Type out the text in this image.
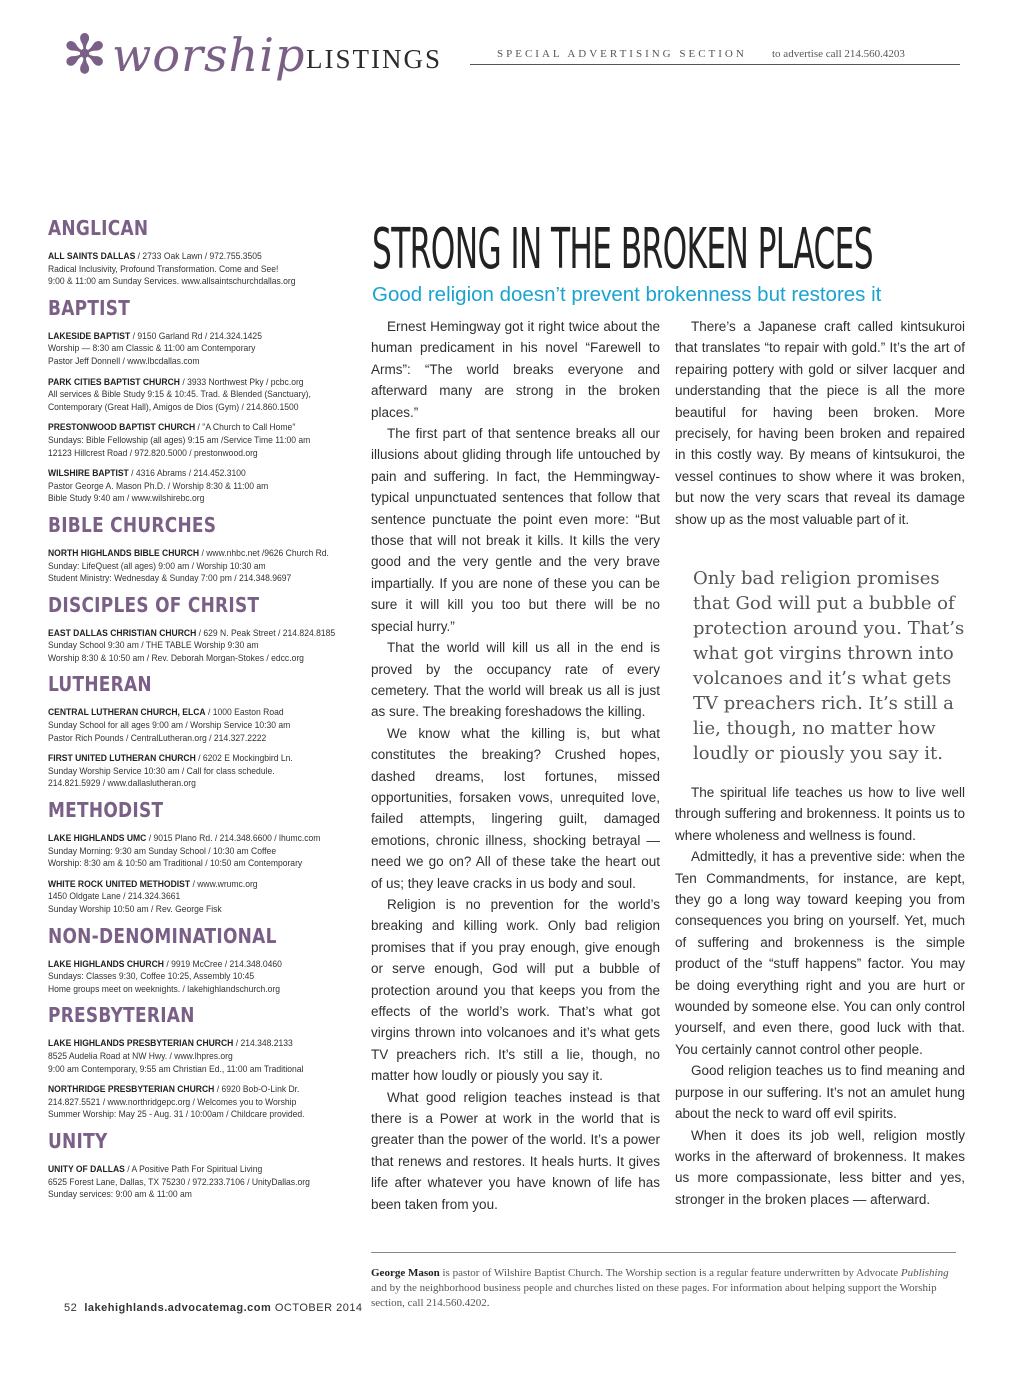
✻ worship LISTINGS	SPECIAL ADVERTISING SECTION to advertise call 214.560.4203
ANGLICAN
ALL SAINTS DALLAS / 2733 Oak Lawn / 972.755.3505
Radical Inclusivity, Profound Transformation. Come and See!
9:00 & 11:00 am Sunday Services. www.allsaintschurchdallas.org
BAPTIST
LAKESIDE BAPTIST / 9150 Garland Rd / 214.324.1425
Worship — 8:30 am Classic & 11:00 am Contemporary
Pastor Jeff Donnell / www.lbcdallas.com
PARK CITIES BAPTIST CHURCH / 3933 Northwest Pky / pcbc.org
All services & Bible Study 9:15 & 10:45. Trad. & Blended (Sanctuary),
Contemporary (Great Hall), Amigos de Dios (Gym) / 214.860.1500
PRESTONWOOD BAPTIST CHURCH / "A Church to Call Home"
Sundays: Bible Fellowship (all ages) 9:15 am /Service Time 11:00 am
12123 Hillcrest Road / 972.820.5000 / prestonwood.org
WILSHIRE BAPTIST / 4316 Abrams / 214.452.3100
Pastor George A. Mason Ph.D. / Worship 8:30 & 11:00 am
Bible Study 9:40 am / www.wilshirebc.org
BIBLE CHURCHES
NORTH HIGHLANDS BIBLE CHURCH / www.nhbc.net /9626 Church Rd.
Sunday: LifeQuest (all ages) 9:00 am / Worship 10:30 am
Student Ministry: Wednesday & Sunday 7:00 pm / 214.348.9697
DISCIPLES OF CHRIST
EAST DALLAS CHRISTIAN CHURCH / 629 N. Peak Street / 214.824.8185
Sunday School 9:30 am / THE TABLE Worship 9:30 am
Worship 8:30 & 10:50 am / Rev. Deborah Morgan-Stokes / edcc.org
LUTHERAN
CENTRAL LUTHERAN CHURCH, ELCA / 1000 Easton Road
Sunday School for all ages 9:00 am / Worship Service 10:30 am
Pastor Rich Pounds / CentralLutheran.org / 214.327.2222
FIRST UNITED LUTHERAN CHURCH / 6202 E Mockingbird Ln.
Sunday Worship Service 10:30 am / Call for class schedule.
214.821.5929 / www.dallaslutheran.org
METHODIST
LAKE HIGHLANDS UMC / 9015 Plano Rd. / 214.348.6600 / lhumc.com
Sunday Morning: 9:30 am Sunday School / 10:30 am Coffee
Worship: 8:30 am & 10:50 am Traditional / 10:50 am Contemporary
WHITE ROCK UNITED METHODIST / www.wrumc.org
1450 Oldgate Lane / 214.324.3661
Sunday Worship 10:50 am / Rev. George Fisk
NON-DENOMINATIONAL
LAKE HIGHLANDS CHURCH / 9919 McCree / 214.348.0460
Sundays: Classes 9:30, Coffee 10:25, Assembly 10:45
Home groups meet on weeknights. / lakehighlandschurch.org
PRESBYTERIAN
LAKE HIGHLANDS PRESBYTERIAN CHURCH / 214.348.2133
8525 Audelia Road at NW Hwy. / www.lhpres.org
9:00 am Contemporary, 9:55 am Christian Ed., 11:00 am Traditional
NORTHRIDGE PRESBYTERIAN CHURCH / 6920 Bob-O-Link Dr.
214.827.5521 / www.northridgepc.org / Welcomes you to Worship
Summer Worship: May 25 - Aug. 31 / 10:00am / Childcare provided.
UNITY
UNITY OF DALLAS / A Positive Path For Spiritual Living
6525 Forest Lane, Dallas, TX 75230 / 972.233.7106 / UnityDallas.org
Sunday services: 9:00 am & 11:00 am
STRONG IN THE BROKEN PLACES
Good religion doesn’t prevent brokenness but restores it

Ernest Hemingway got it right twice about the human predicament in his novel “Farewell to Arms”: “The world breaks everyone and afterward many are strong in the broken places.”

The first part of that sentence breaks all our illusions about gliding through life untouched by pain and suffering. In fact, the Hemmingway-typical unpunctuated sentences that follow that sentence punctuate the point even more: “But those that will not break it kills. It kills the very good and the very gentle and the very brave impartially. If you are none of these you can be sure it will kill you too but there will be no special hurry.”

That the world will kill us all in the end is proved by the occupancy rate of every cemetery. That the world will break us all is just as sure. The breaking foreshadows the killing.

We know what the killing is, but what constitutes the breaking? Crushed hopes, dashed dreams, lost fortunes, missed opportunities, forsaken vows, unrequited love, failed attempts, lingering guilt, damaged emotions, chronic illness, shocking betrayal — need we go on? All of these take the heart out of us; they leave cracks in us body and soul.

Religion is no prevention for the world’s breaking and killing work. Only bad religion promises that if you pray enough, give enough or serve enough, God will put a bubble of protection around you that keeps you from the effects of the world’s work. That’s what got virgins thrown into volcanoes and it’s what gets TV preachers rich. It’s still a lie, though, no matter how loudly or piously you say it.

What good religion teaches instead is that there is a Power at work in the world that is greater than the power of the world. It’s a power that renews and restores. It heals hurts. It gives life after whatever you have known of life has been taken from you.

There’s a Japanese craft called kintsukuroi that translates “to repair with gold.” It’s the art of repairing pottery with gold or silver lacquer and understanding that the piece is all the more beautiful for having been broken. More precisely, for having been broken and repaired in this costly way. By means of kintsukuroi, the vessel continues to show where it was broken, but now the very scars that reveal its damage show up as the most valuable part of it.

Only bad religion promises that God will put a bubble of protection around you. That’s what got virgins thrown into volcanoes and it’s what gets TV preachers rich. It’s still a lie, though, no matter how loudly or piously you say it.

The spiritual life teaches us how to live well through suffering and brokenness. It points us to where wholeness and wellness is found.

Admittedly, it has a preventive side: when the Ten Commandments, for instance, are kept, they go a long way toward keeping you from consequences you bring on yourself. Yet, much of suffering and brokenness is the simple product of the “stuff happens” factor. You may be doing everything right and you are hurt or wounded by someone else. You can only control yourself, and even there, good luck with that. You certainly cannot control other people.

Good religion teaches us to find meaning and purpose in our suffering. It’s not an amulet hung about the neck to ward off evil spirits.

When it does its job well, religion mostly works in the afterward of brokenness. It makes us more compassionate, less bitter and yes, stronger in the broken places — afterward.

George Mason is pastor of Wilshire Baptist Church. The Worship section is a regular feature underwritten by Advocate Publishing and by the neighborhood business people and churches listed on these pages. For information about helping support the Worship section, call 214.560.4202.
52 lakehighlands.advocatemag.com OCTOBER 2014
